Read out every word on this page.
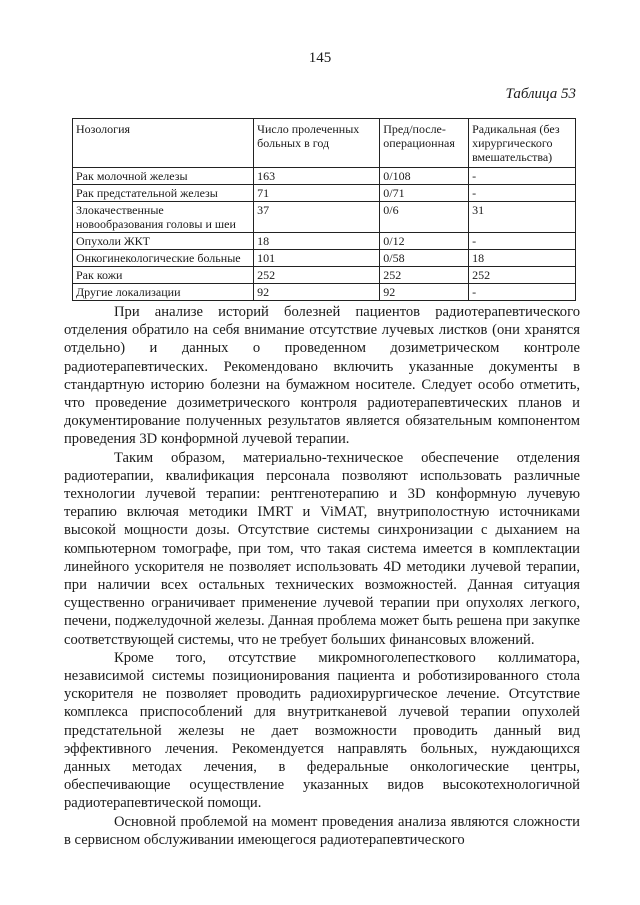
145
Таблица 53
Нозология	Число пролеченных больных в год	Пред/после-операционная	Радикальная (без хирургического вмешательства)
Рак молочной железы	163	0/108	-
Рак предстательной железы	71	0/71	-
Злокачественные новообразования головы и шеи	37	0/6	31
Опухоли ЖКТ	18	0/12	-
Онкогинекологические больные	101	0/58	18
Рак кожи	252	252	252
Другие локализации	92	92	-

При анализе историй болезней пациентов радиотерапевтического отделения обратило на себя внимание отсутствие лучевых листков (они хранятся отдельно) и данных о проведенном дозиметрическом контроле радиотерапевтических. Рекомендовано включить указанные документы в стандартную историю болезни на бумажном носителе. Следует особо отметить, что проведение дозиметрического контроля радиотерапевтических планов и документирование полученных результатов является обязательным компонентом проведения 3D конформной лучевой терапии.

Таким образом, материально-техническое обеспечение отделения радиотерапии, квалификация персонала позволяют использовать различные технологии лучевой терапии: рентгенотерапию и 3D конформную лучевую терапию включая методики IMRT и ViMAT, внутриполостную источниками высокой мощности дозы. Отсутствие системы синхронизации с дыханием на компьютерном томографе, при том, что такая система имеется в комплектации линейного ускорителя не позволяет использовать 4D методики лучевой терапии, при наличии всех остальных технических возможностей. Данная ситуация существенно ограничивает применение лучевой терапии при опухолях легкого, печени, поджелудочной железы. Данная проблема может быть решена при закупке соответствующей системы, что не требует больших финансовых вложений.

Кроме того, отсутствие микромноголепесткового коллиматора, независимой системы позиционирования пациента и роботизированного стола ускорителя не позволяет проводить радиохирургическое лечение. Отсутствие комплекса приспособлений для внутритканевой лучевой терапии опухолей предстательной железы не дает возможности проводить данный вид эффективного лечения. Рекомендуется направлять больных, нуждающихся данных методах лечения, в федеральные онкологические центры, обеспечивающие осуществление указанных видов высокотехнологичной радиотерапевтической помощи.

Основной проблемой на момент проведения анализа являются сложности в сервисном обслуживании имеющегося радиотерапевтического
